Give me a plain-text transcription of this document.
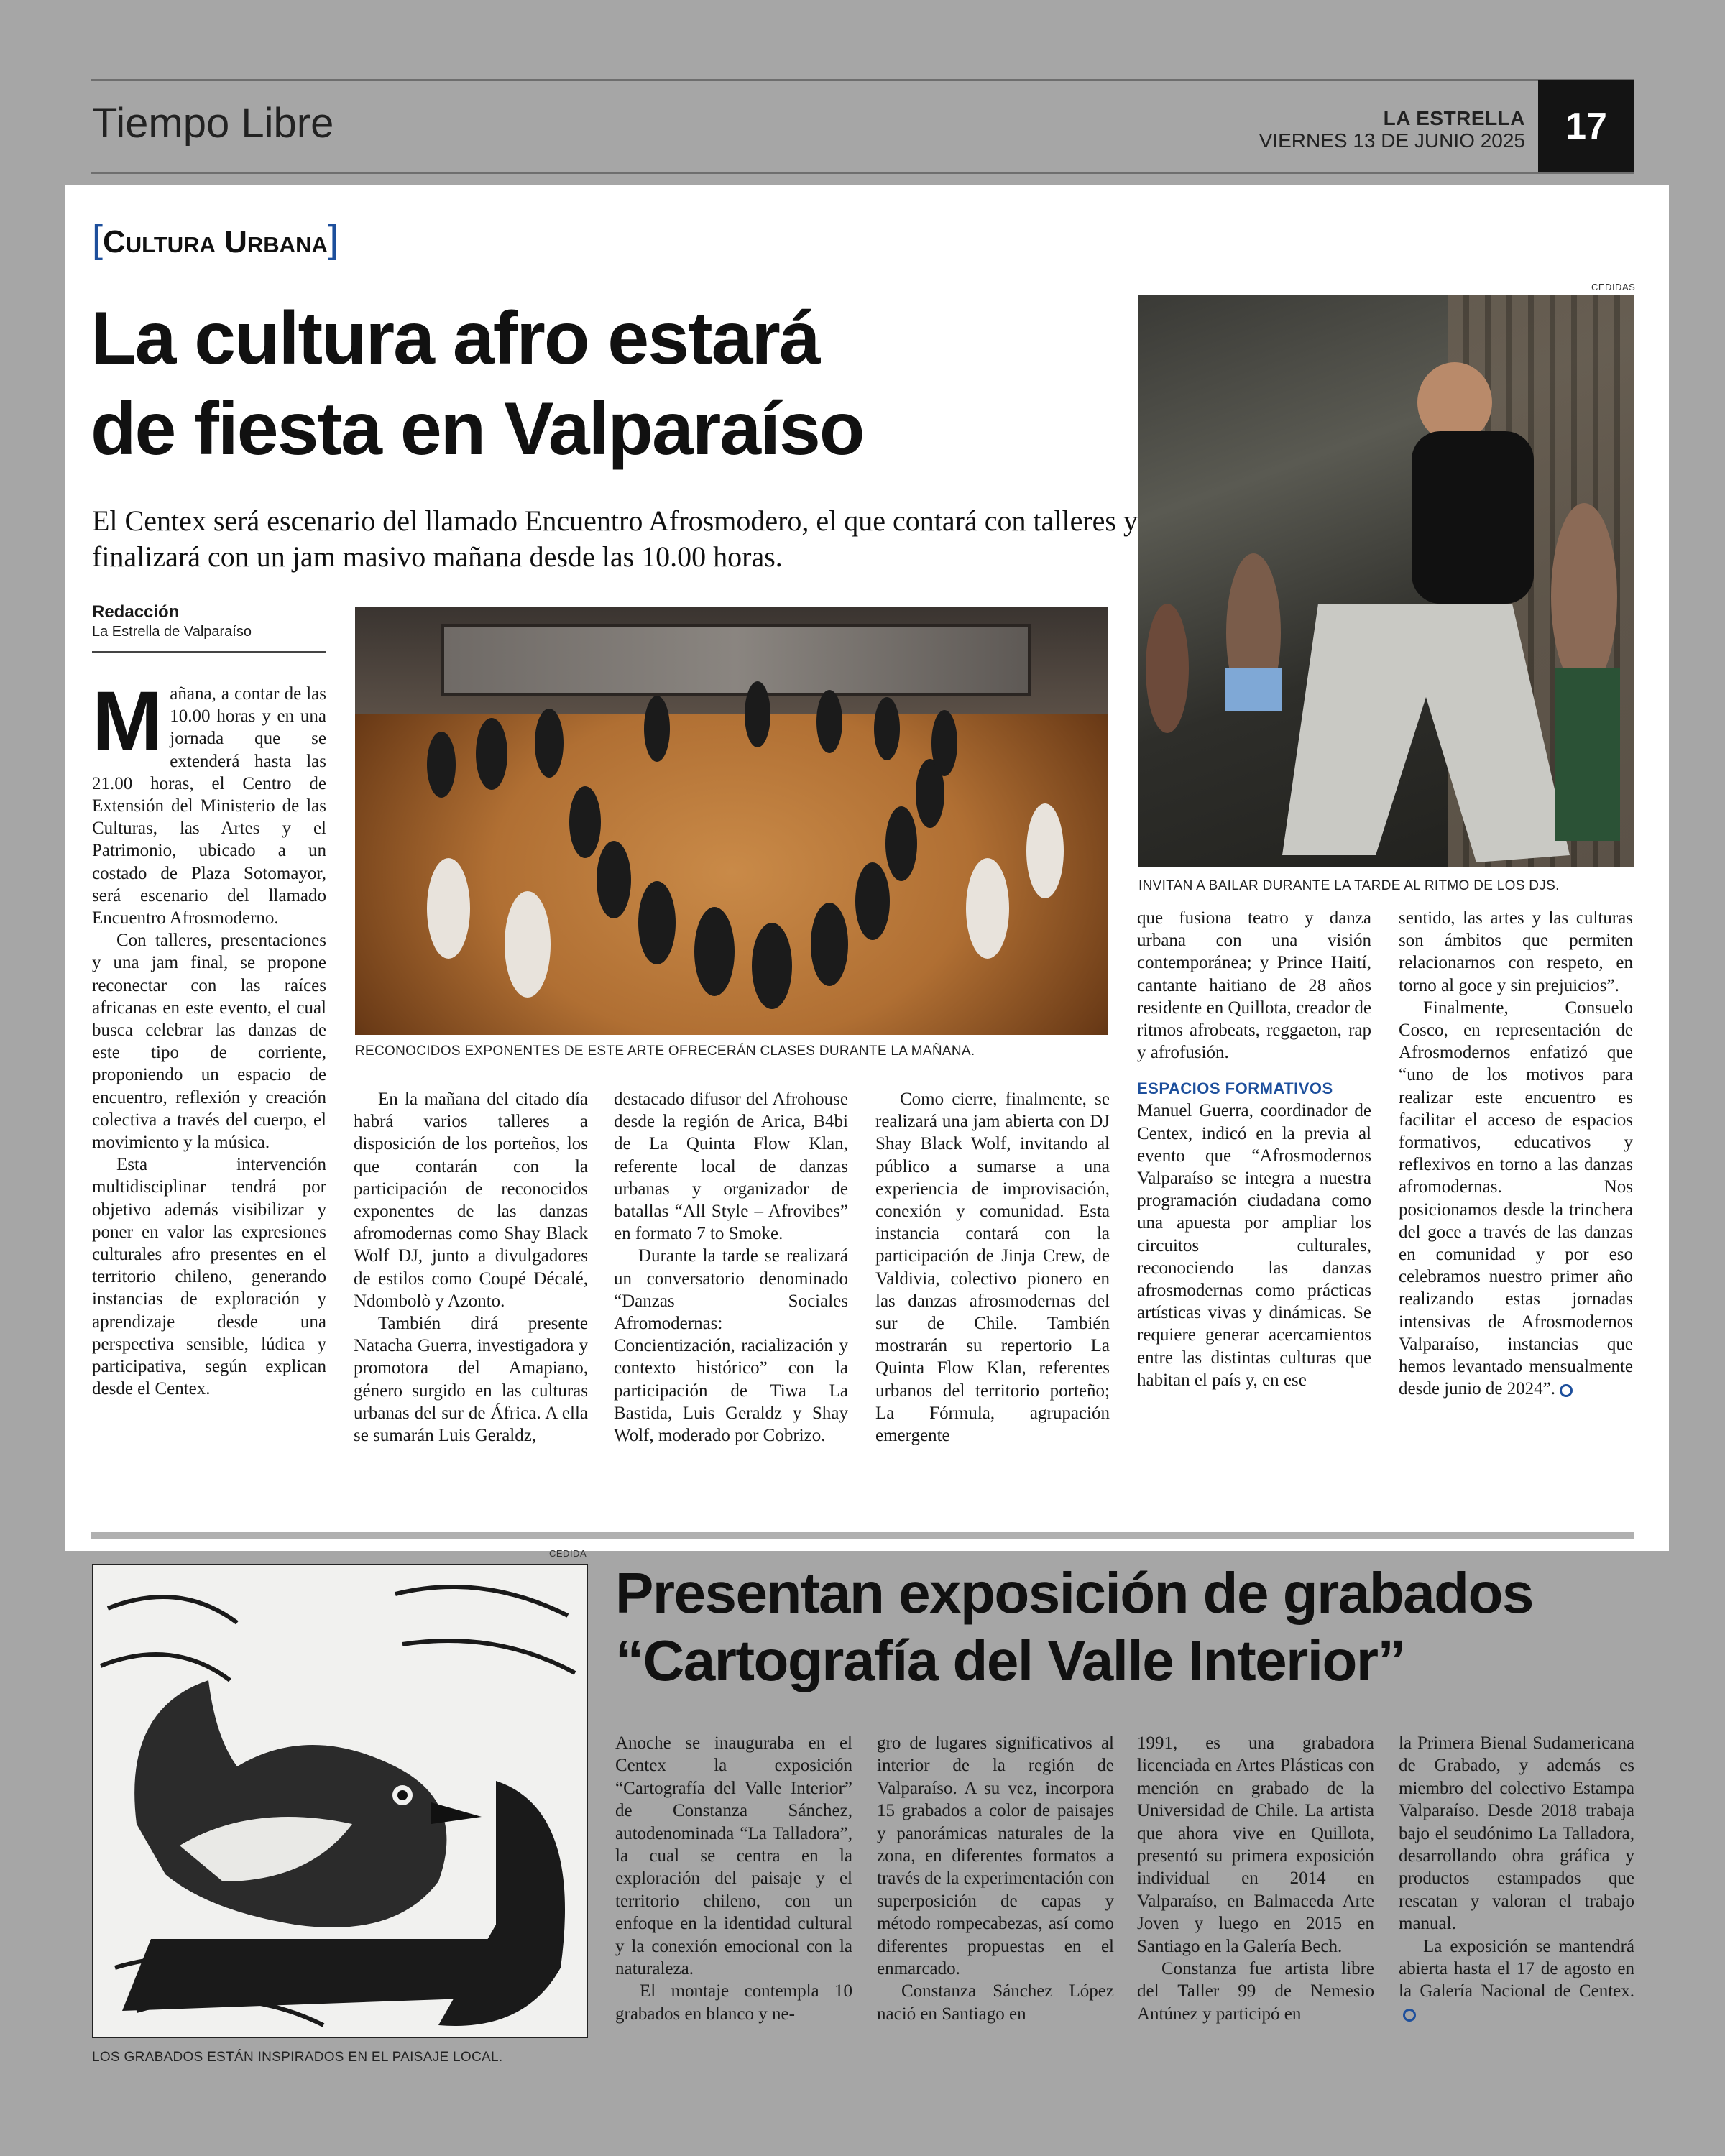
Tiempo Libre	LA ESTRELLA
VIERNES 13 DE JUNIO 2025	17
[Cultura Urbana]
La cultura afro estará
de fiesta en Valparaíso
El Centex será escenario del llamado Encuentro Afrosmodero, el que contará con talleres y finalizará con un jam masivo mañana desde las 10.00 horas.
Redacción
La Estrella de Valparaíso
RECONOCIDOS EXPONENTES DE ESTE ARTE OFRECERÁN CLASES DURANTE LA MAÑANA.
CEDIDAS
INVITAN A BAILAR DURANTE LA TARDE AL RITMO DE LOS DJS.

Mañana, a contar de las 10.00 horas y en una jornada que se extenderá hasta las 21.00 horas, el Centro de Extensión del Ministerio de las Culturas, las Artes y el Patrimonio, ubicado a un costado de Plaza Sotomayor, será escenario del llamado Encuentro Afrosmoderno.

Con talleres, presentaciones y una jam final, se propone reconectar con las raíces africanas en este evento, el cual busca celebrar las danzas de este tipo de corriente, proponiendo un espacio de encuentro, reflexión y creación colectiva a través del cuerpo, el movimiento y la música.

Esta intervención multidisciplinar tendrá por objetivo además visibilizar y poner en valor las expresiones culturales afro presentes en el territorio chileno, generando instancias de exploración y aprendizaje desde una perspectiva sensible, lúdica y participativa, según explican desde el Centex.

En la mañana del citado día habrá varios talleres a disposición de los porteños, los que contarán con la participación de reconocidos exponentes de las danzas afromodernas como Shay Black Wolf DJ, junto a divulgadores de estilos como Coupé Décalé, Ndombolò y Azonto.

También dirá presente Natacha Guerra, investigadora y promotora del Amapiano, género surgido en las culturas urbanas del sur de África. A ella se sumarán Luis Geraldz,

destacado difusor del Afrohouse desde la región de Arica, B4bi de La Quinta Flow Klan, referente local de danzas urbanas y organizador de batallas “All Style – Afrovibes” en formato 7 to Smoke.

Durante la tarde se realizará un conversatorio denominado “Danzas Sociales Afromodernas: Concientización, racialización y contexto histórico” con la participación de Tiwa La Bastida, Luis Geraldz y Shay Wolf, moderado por Cobrizo.

Como cierre, finalmente, se realizará una jam abierta con DJ Shay Black Wolf, invitando al público a sumarse a una experiencia de improvisación, conexión y comunidad. Esta instancia contará con la participación de Jinja Crew, de Valdivia, colectivo pionero en las danzas afrosmodernas del sur de Chile. También mostrarán su repertorio La Quinta Flow Klan, referentes urbanos del territorio porteño; La Fórmula, agrupación emergente

que fusiona teatro y danza urbana con una visión contemporánea; y Prince Haití, cantante haitiano de 28 años residente en Quillota, creador de ritmos afrobeats, reggaeton, rap y afrofusión.

ESPACIOS FORMATIVOS

Manuel Guerra, coordinador de Centex, indicó en la previa al evento que “Afrosmodernos Valparaíso se integra a nuestra programación ciudadana como una apuesta por ampliar los circuitos culturales, reconociendo las danzas afrosmodernas como prácticas artísticas vivas y dinámicas. Se requiere generar acercamientos entre las distintas culturas que habitan el país y, en ese

sentido, las artes y las culturas son ámbitos que permiten relacionarnos con respeto, en torno al goce y sin prejuicios”.

Finalmente, Consuelo Cosco, en representación de Afrosmodernos enfatizó que “uno de los motivos para realizar este encuentro es facilitar el acceso de espacios formativos, educativos y reflexivos en torno a las danzas afromodernas. Nos posicionamos desde la trinchera del goce a través de las danzas en comunidad y por eso celebramos nuestro primer año realizando estas jornadas intensivas de Afrosmodernos Valparaíso, instancias que hemos levantado mensualmente desde junio de 2024”.

CEDIDA
LOS GRABADOS ESTÁN INSPIRADOS EN EL PAISAJE LOCAL.
Presentan exposición de grabados
“Cartografía del Valle Interior”

Anoche se inauguraba en el Centex la exposición “Cartografía del Valle Interior” de Constanza Sánchez, autodenominada “La Talladora”, la cual se centra en la exploración del paisaje y el territorio chileno, con un enfoque en la identidad cultural y la conexión emocional con la naturaleza.

El montaje contempla 10 grabados en blanco y ne-

gro de lugares significativos al interior de la región de Valparaíso. A su vez, incorpora 15 grabados a color de paisajes y panorámicas naturales de la zona, en diferentes formatos a través de la experimentación con superposición de capas y método rompecabezas, así como diferentes propuestas en el enmarcado.

Constanza Sánchez López nació en Santiago en

1991, es una grabadora licenciada en Artes Plásticas con mención en grabado de la Universidad de Chile. La artista que ahora vive en Quillota, presentó su primera exposición individual en 2014 en Valparaíso, en Balmaceda Arte Joven y luego en 2015 en Santiago en la Galería Bech.

Constanza fue artista libre del Taller 99 de Nemesio Antúnez y participó en

la Primera Bienal Sudamericana de Grabado, y además es miembro del colectivo Estampa Valparaíso. Desde 2018 trabaja bajo el seudónimo La Talladora, desarrollando obra gráfica y productos estampados que rescatan y valoran el trabajo manual.

La exposición se mantendrá abierta hasta el 17 de agosto en la Galería Nacional de Centex.
